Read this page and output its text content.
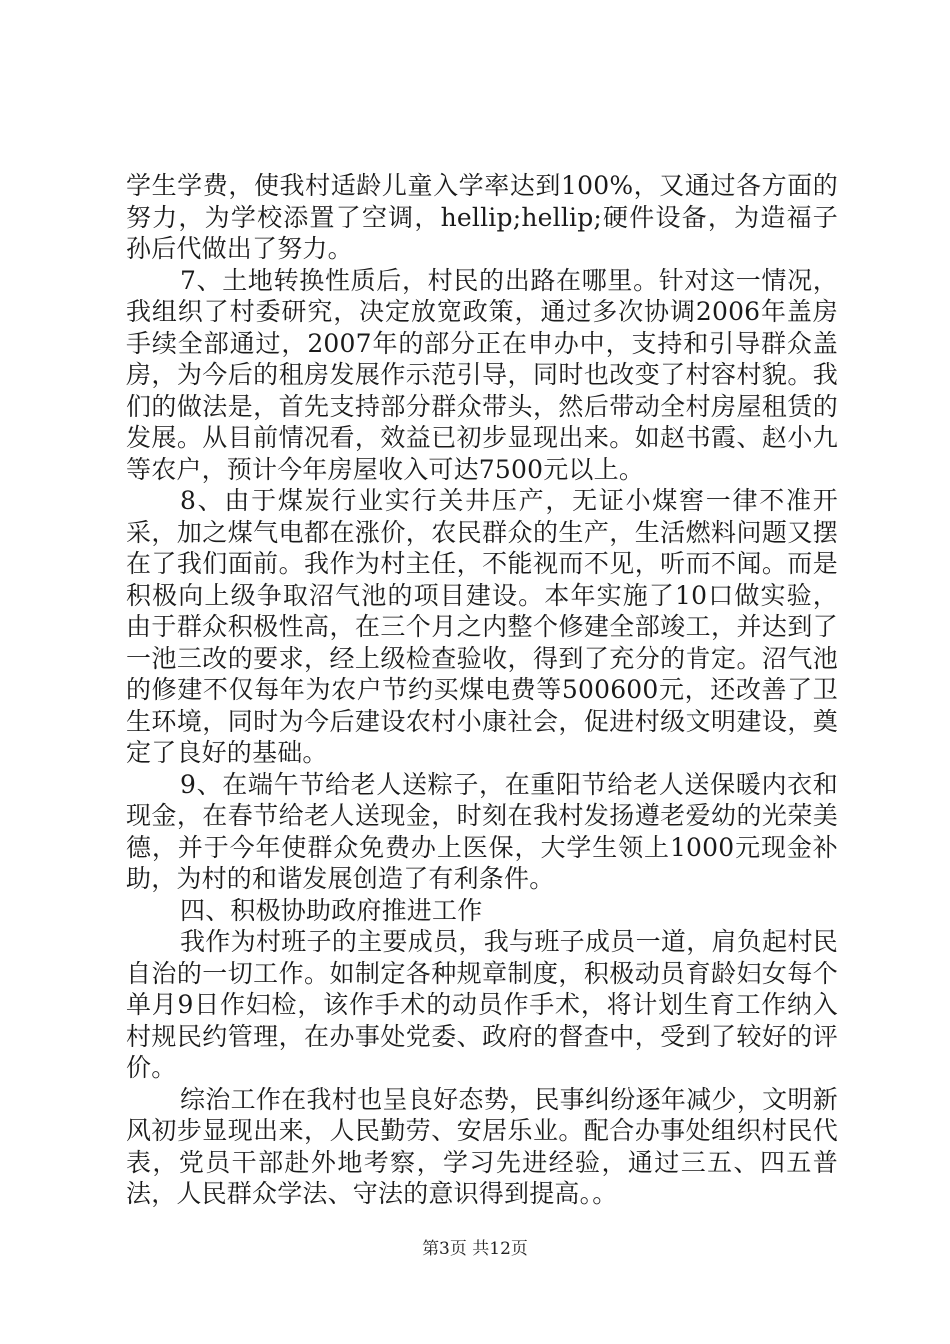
学生学费，使我村适龄儿童入学率达到100%，又通过各方面的努力，为学校添置了空调，hellip;hellip;硬件设备，为造福子孙后代做出了努力。

7、土地转换性质后，村民的出路在哪里。针对这一情况，我组织了村委研究，决定放宽政策，通过多次协调2006年盖房手续全部通过，2007年的部分正在申办中，支持和引导群众盖房，为今后的租房发展作示范引导，同时也改变了村容村貌。我们的做法是，首先支持部分群众带头，然后带动全村房屋租赁的发展。从目前情况看，效益已初步显现出来。如赵书霞、赵小九等农户，预计今年房屋收入可达7500元以上。

8、由于煤炭行业实行关井压产，无证小煤窖一律不准开采，加之煤气电都在涨价，农民群众的生产，生活燃料问题又摆在了我们面前。我作为村主任，不能视而不见，听而不闻。而是积极向上级争取沼气池的项目建设。本年实施了10口做实验，由于群众积极性高，在三个月之内整个修建全部竣工，并达到了一池三改的要求，经上级检查验收，得到了充分的肯定。沼气池的修建不仅每年为农户节约买煤电费等500600元，还改善了卫生环境，同时为今后建设农村小康社会，促进村级文明建设，奠定了良好的基础。

9、在端午节给老人送粽子，在重阳节给老人送保暖内衣和现金，在春节给老人送现金，时刻在我村发扬遵老爱幼的光荣美德，并于今年使群众免费办上医保，大学生领上1000元现金补助，为村的和谐发展创造了有利条件。

四、积极协助政府推进工作

我作为村班子的主要成员，我与班子成员一道，肩负起村民自治的一切工作。如制定各种规章制度，积极动员育龄妇女每个单月9日作妇检，该作手术的动员作手术，将计划生育工作纳入村规民约管理，在办事处党委、政府的督查中，受到了较好的评价。

综治工作在我村也呈良好态势，民事纠纷逐年减少，文明新风初步显现出来，人民勤劳、安居乐业。配合办事处组织村民代表，党员干部赴外地考察，学习先进经验，通过三五、四五普法，人民群众学法、守法的意识得到提高。。

第3页 共12页
